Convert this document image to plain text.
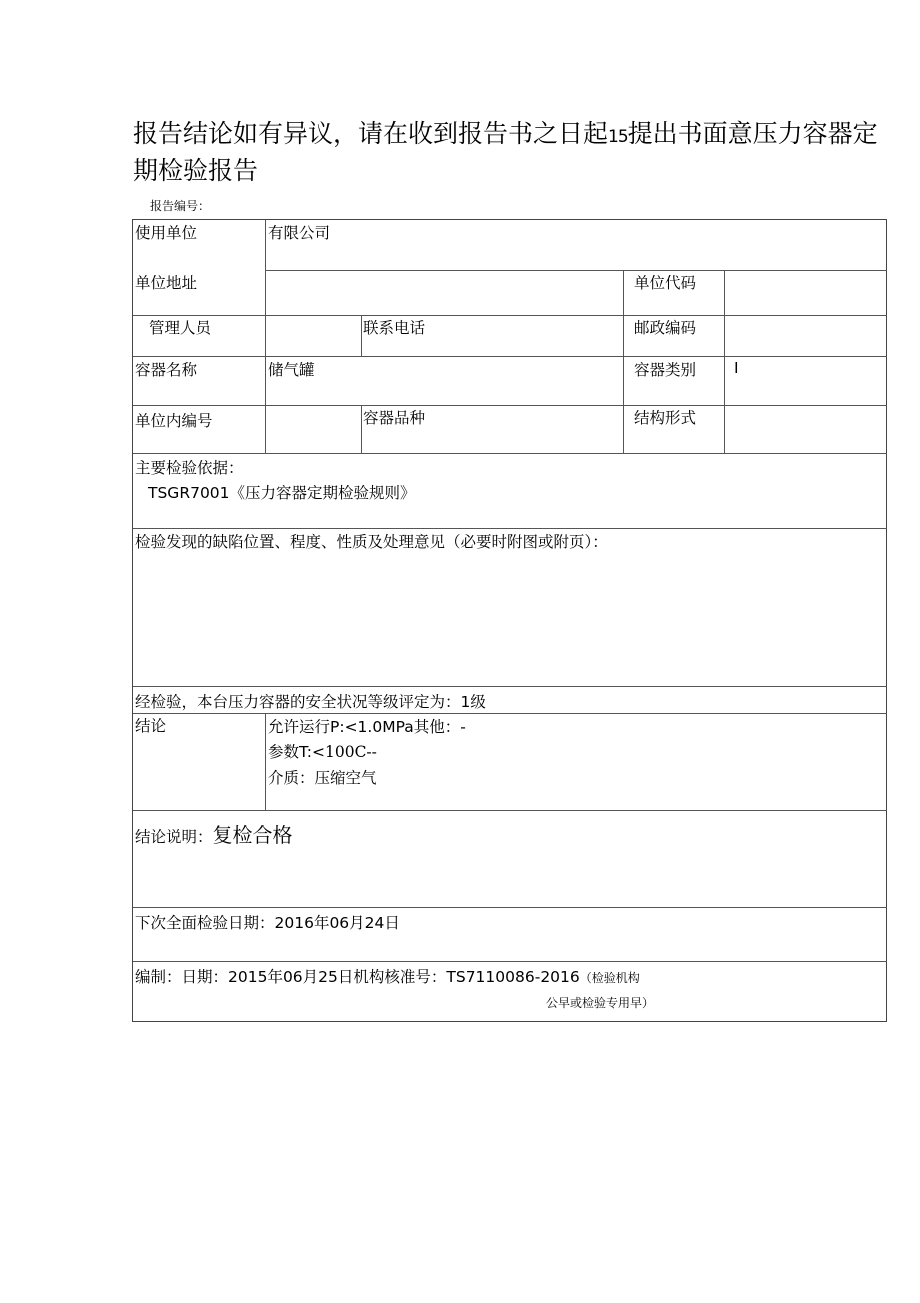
报告结论如有异议，请在收到报告书之日起15提出书面意压力容器定期检验报告
报告编号：
使用单位	有限公司
单位地址	单位代码
管理人员	联系电话	邮政编码
容器名称	储气罐	容器类别 I
单位内编号	容器品种	结构形式
主要检验依据：
TSGR7001《压力容器定期检验规则》
检验发现的缺陷位置、程度、性质及处理意见（必要时附图或附页）：
经检验，本台压力容器的安全状况等级评定为：1级
结论	允许运行P:<1.0MPa其他：-
参数T:<100C--
介质：压缩空气
结论说明：复检合格
下次全面检验日期：2016年06月24日
编制：日期：2015年06月25日机构核准号：TS7110086-2016（检验机构
公早或检验专用早）
